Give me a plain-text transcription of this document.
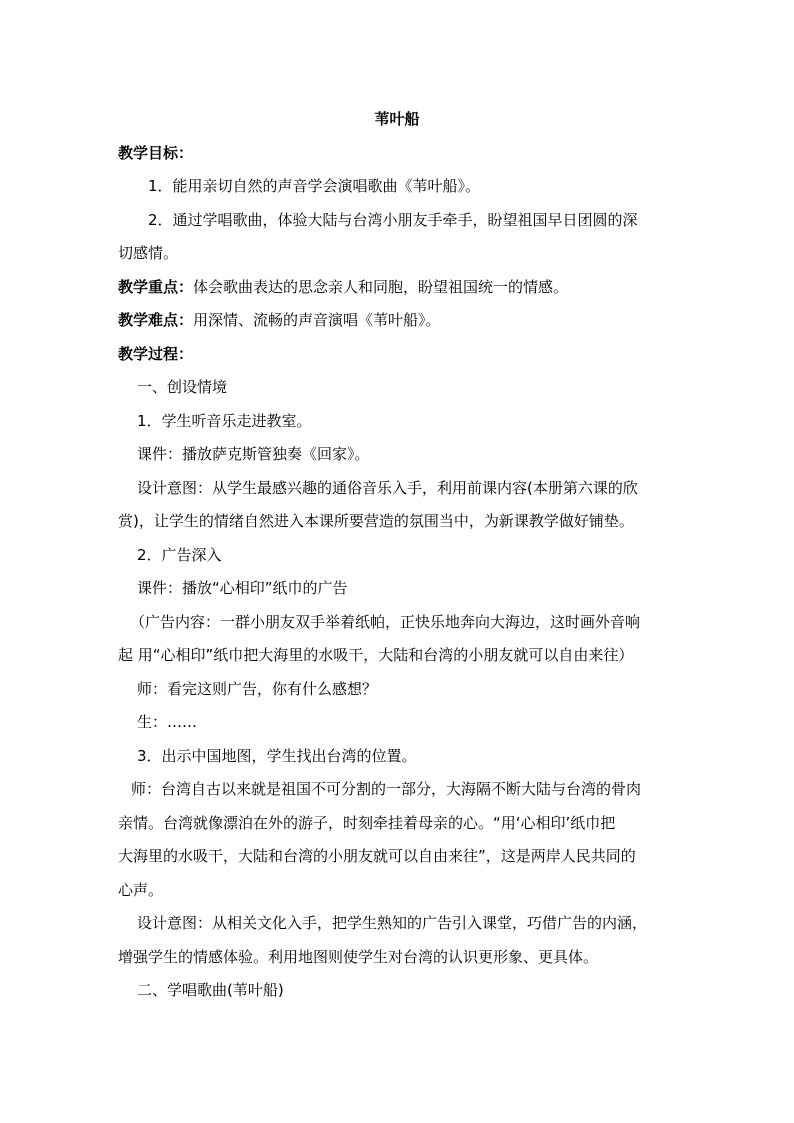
苇叶船
教学目标：
1．能用亲切自然的声音学会演唱歌曲《苇叶船》。
2．通过学唱歌曲，体验大陆与台湾小朋友手牵手，盼望祖国早日团圆的深
切感情。
教学重点：体会歌曲表达的思念亲人和同胞，盼望祖国统一的情感。
教学难点：用深情、流畅的声音演唱《苇叶船》。
教学过程：
一、创设情境
1．学生听音乐走进教室。
课件：播放萨克斯管独奏《回家》。
设计意图：从学生最感兴趣的通俗音乐入手，利用前课内容(本册第六课的欣
赏)，让学生的情绪自然进入本课所要营造的氛围当中，为新课教学做好铺垫。
2．广告深入
课件：播放“心相印”纸巾的广告
（广告内容：一群小朋友双手举着纸帕，正快乐地奔向大海边，这时画外音响
起 用“心相印”纸巾把大海里的水吸干，大陆和台湾的小朋友就可以自由来往）
师：看完这则广告，你有什么感想？
生：……
3．出示中国地图，学生找出台湾的位置。
师：台湾自古以来就是祖国不可分割的一部分，大海隔不断大陆与台湾的骨肉
亲情。台湾就像漂泊在外的游子，时刻牵挂着母亲的心。“用‘心相印’纸巾把
大海里的水吸干，大陆和台湾的小朋友就可以自由来往”，这是两岸人民共同的
心声。
设计意图：从相关文化入手，把学生熟知的广告引入课堂，巧借广告的内涵，
增强学生的情感体验。利用地图则使学生对台湾的认识更形象、更具体。
二、学唱歌曲(苇叶船)
